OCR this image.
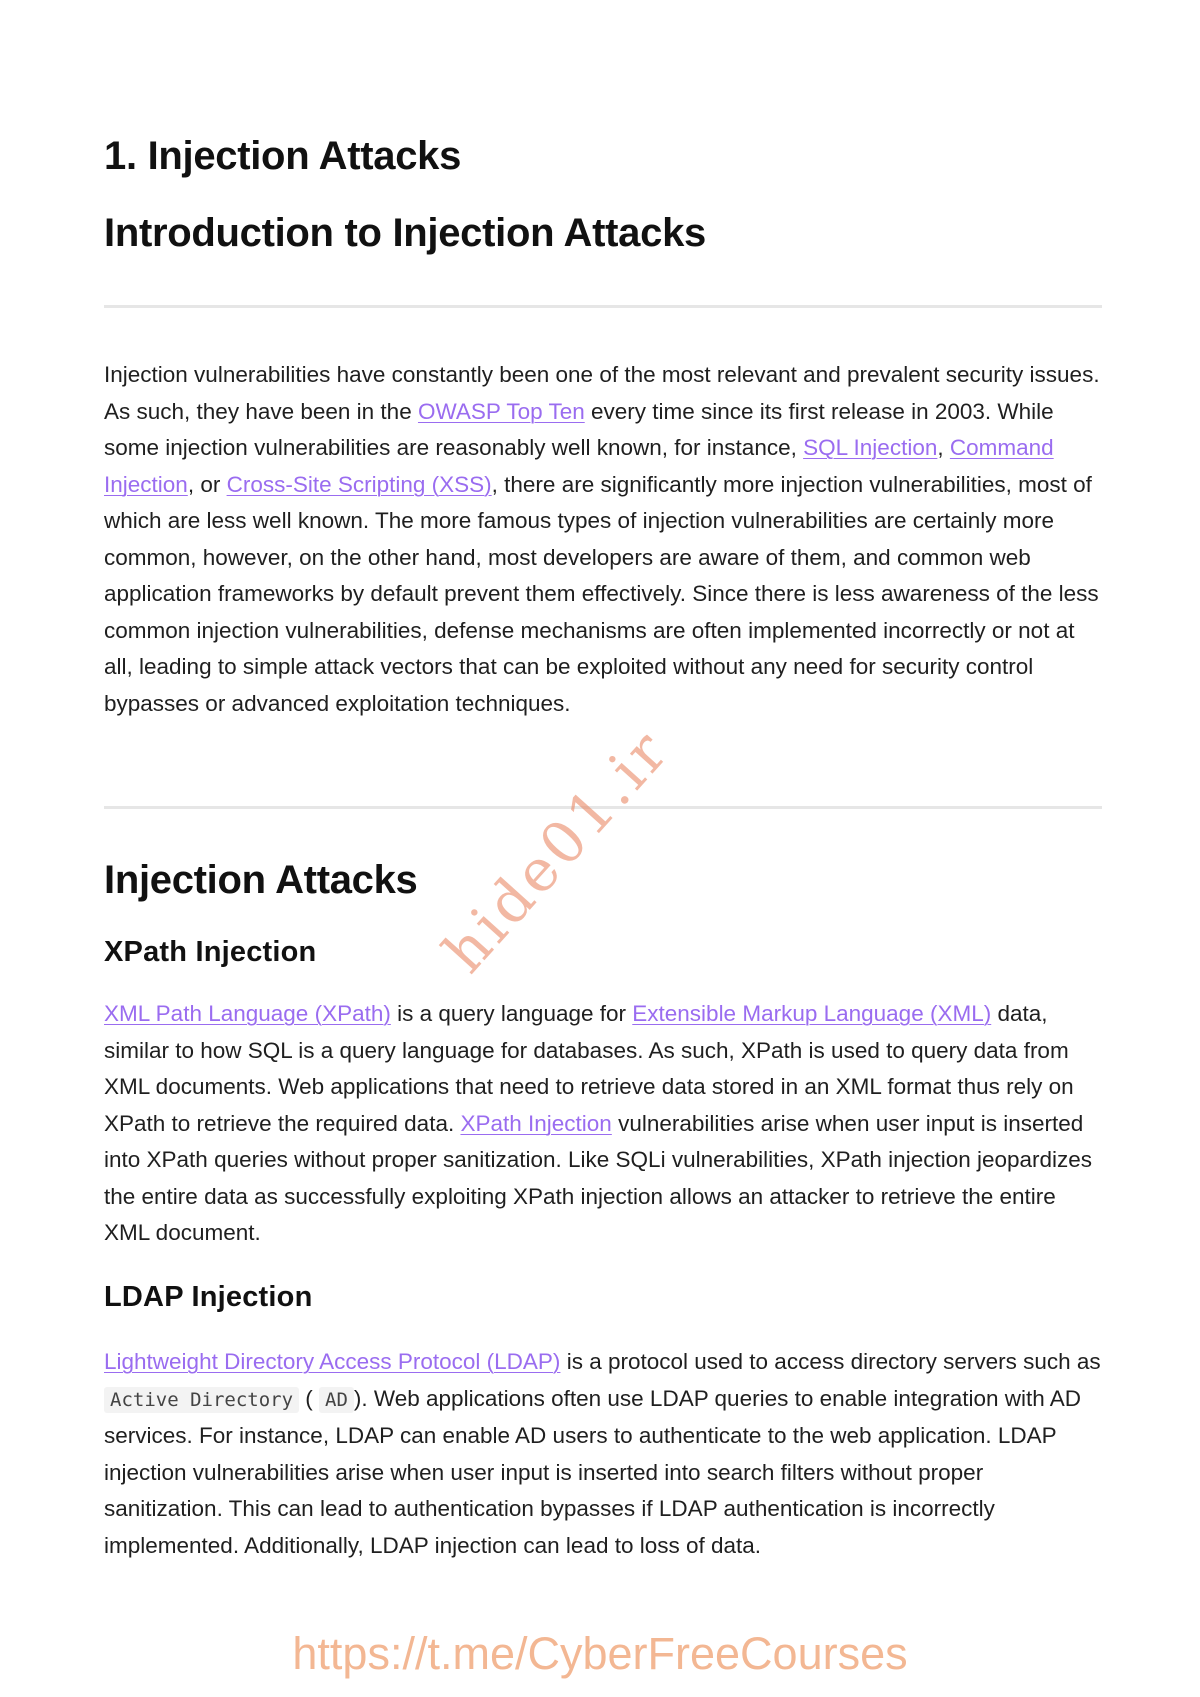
1. Injection Attacks
Introduction to Injection Attacks

Injection vulnerabilities have constantly been one of the most relevant and prevalent security issues. As such, they have been in the OWASP Top Ten every time since its first release in 2003. While some injection vulnerabilities are reasonably well known, for instance, SQL Injection, Command Injection, or Cross-Site Scripting (XSS), there are significantly more injection vulnerabilities, most of which are less well known. The more famous types of injection vulnerabilities are certainly more common, however, on the other hand, most developers are aware of them, and common web application frameworks by default prevent them effectively. Since there is less awareness of the less common injection vulnerabilities, defense mechanisms are often implemented incorrectly or not at all, leading to simple attack vectors that can be exploited without any need for security control bypasses or advanced exploitation techniques.

Injection Attacks
XPath Injection

XML Path Language (XPath) is a query language for Extensible Markup Language (XML) data, similar to how SQL is a query language for databases. As such, XPath is used to query data from XML documents. Web applications that need to retrieve data stored in an XML format thus rely on XPath to retrieve the required data. XPath Injection vulnerabilities arise when user input is inserted into XPath queries without proper sanitization. Like SQLi vulnerabilities, XPath injection jeopardizes the entire data as successfully exploiting XPath injection allows an attacker to retrieve the entire XML document.

LDAP Injection

Lightweight Directory Access Protocol (LDAP) is a protocol used to access directory servers such as Active Directory ( AD ). Web applications often use LDAP queries to enable integration with AD services. For instance, LDAP can enable AD users to authenticate to the web application. LDAP injection vulnerabilities arise when user input is inserted into search filters without proper sanitization. This can lead to authentication bypasses if LDAP authentication is incorrectly implemented. Additionally, LDAP injection can lead to loss of data.

hide01.ir
https://t.me/CyberFreeCourses
